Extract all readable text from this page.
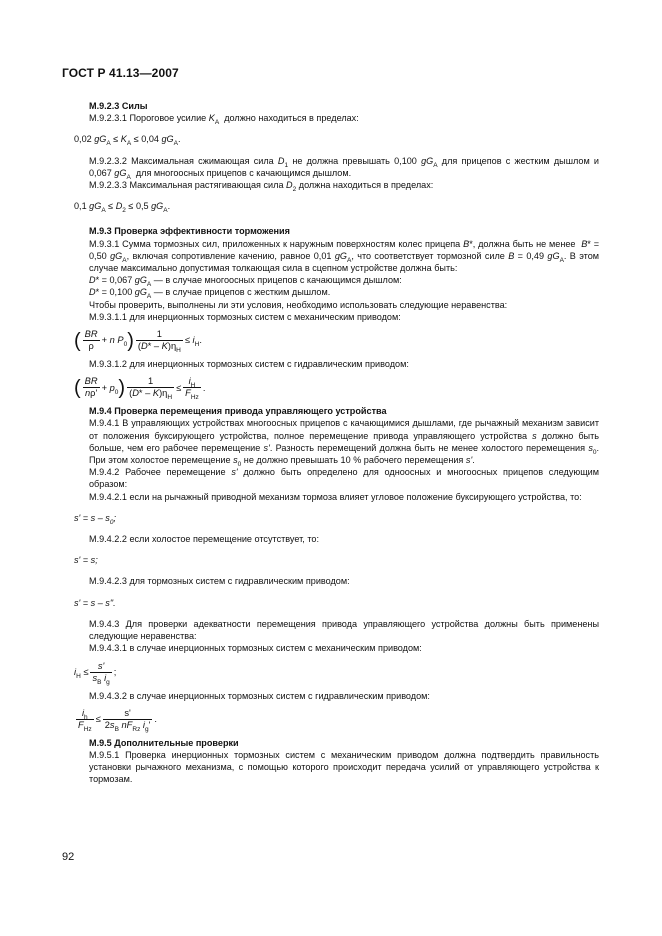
ГОСТ Р 41.13—2007

М.9.2.3 Силы

М.9.2.3.1 Пороговое усилие $K_A$ должно находиться в пределах:

0,02 $gG_A \le K_A \le 0,04$ $gG_A$.

М.9.2.3.2 Максимальная сжимающая сила $D_1$ не должна превышать 0,100 $gG_A$ для прицепов с жестким дышлом и 0,067 $gG_A$ для многоосных прицепов с качающимся дышлом.

М.9.2.3.3 Максимальная растягивающая сила $D_2$ должна находиться в пределах:

0,1 $gG_A \le D_2 \le 0,5$ $gG_A$.

М.9.3 Проверка эффективности торможения

М.9.3.1 Сумма тормозных сил, приложенных к наружным поверхностям колес прицепа B*, должна быть не менее B* = 0,50 $gG_A$, включая сопротивление качению, равное 0,01 $gG_A$, что соответствует тормозной силе B = 0,49 $gG_A$. В этом случае максимально допустимая толкающая сила в сцепном устройстве должна быть:

D* = 0,067 $gG_A$ — в случае многоосных прицепов с качающимся дышлом:

D* = 0,100 $gG_A$ — в случае прицепов с жестким дышлом.

Чтобы проверить, выполнены ли эти условия, необходимо использовать следующие неравенства:

М.9.3.1.1 для инерционных тормозных систем с механическим приводом:

( $\frac{BR}{\rho} + n$ $P_0$ ) $\frac{1}{(D* - K)\eta_H} \le i_H$.

М.9.3.1.2 для инерционных тормозных систем с гидравлическим приводом:

( $\frac{BR}{n\rho'} + p_0$ ) $\frac{1}{(D* - K)\eta_H} \le \frac{i_H}{F_{Hz}}$ .

М.9.4 Проверка перемещения привода управляющего устройства

М.9.4.1 В управляющих устройствах многоосных прицепов с качающимися дышлами, где рычажный механизм зависит от положения буксирующего устройства, полное перемещение привода управляющего устройства s должно быть больше, чем его рабочее перемещение s'. Разность перемещений должна быть не менее холостого перемещения $s_0$. При этом холостое перемещение $s_0$ не должно превышать 10 % рабочего перемещения s'.

М.9.4.2 Рабочее перемещение s' должно быть определено для одноосных и многоосных прицепов следующим образом:

М.9.4.2.1 если на рычажный приводной механизм тормоза влияет угловое положение буксирующего устройства, то:

$s' = s - s_0$;

М.9.4.2.2 если холостое перемещение отсутствует, то:

s' = s;

М.9.4.2.3 для тормозных систем с гидравлическим приводом:

s' = s – s".

М.9.4.3 Для проверки адекватности перемещения привода управляющего устройства должны быть применены следующие неравенства:

М.9.4.3.1 в случае инерционных тормозных систем с механическим приводом:

$i_H \le \frac{s'}{s_B i_g}$ ;

М.9.4.3.2 в случае инерционных тормозных систем с гидравлическим приводом:

$\frac{i_h}{F_{Hz}} \le \frac{s'}{2s_B nF_{Rz} i_g'}$ .

М.9.5 Дополнительные проверки

М.9.5.1 Проверка инерционных тормозных систем с механическим приводом должна подтвердить правильность установки рычажного механизма, с помощью которого происходит передача усилий от управляющего устройства к тормозам.

92
